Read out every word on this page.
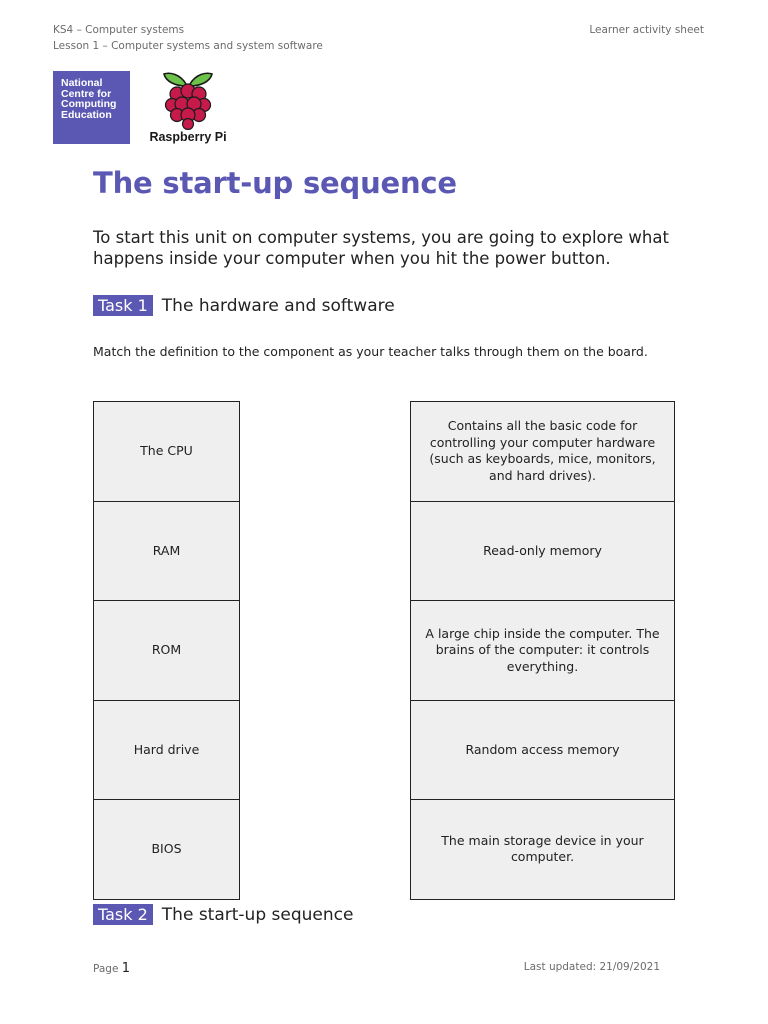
KS4 – Computer systems
Lesson 1 – Computer systems and system software
Learner activity sheet
National
Centre for
Computing
Education
Raspberry Pi
The start-up sequence
To start this unit on computer systems, you are going to explore what happens inside your computer when you hit the power button.
Task 1 The hardware and software
Match the definition to the component as your teacher talks through them on the board.
The CPU
RAM
ROM
Hard drive
BIOS
Contains all the basic code for controlling your computer hardware (such as keyboards, mice, monitors, and hard drives).
Read-only memory
A large chip inside the computer. The brains of the computer: it controls everything.
Random access memory
The main storage device in your computer.
Task 2 The start-up sequence
Page 1	Last updated: 21/09/2021
